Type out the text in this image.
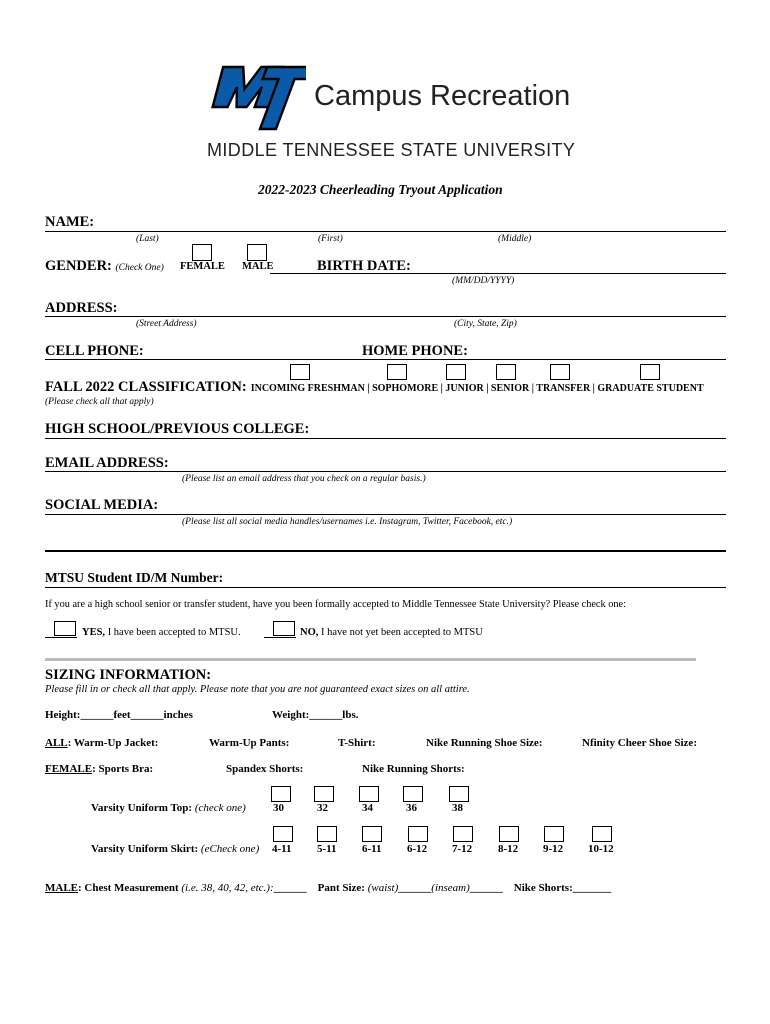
Campus Recreation
MIDDLE TENNESSEE STATE UNIVERSITY
2022-2023 Cheerleading Tryout Application
NAME:
(Last)	(First)	(Middle)
GENDER: (Check One) FEMALE MALE	BIRTH DATE:
(MM/DD/YYYY)
ADDRESS:
(Street Address)	(City, State, Zip)
CELL PHONE:	HOME PHONE:
FALL 2022 CLASSIFICATION: INCOMING FRESHMAN | SOPHOMORE | JUNIOR | SENIOR | TRANSFER | GRADUATE STUDENT
(Please check all that apply)
HIGH SCHOOL/PREVIOUS COLLEGE:
EMAIL ADDRESS:
(Please list an email address that you check on a regular basis.)
SOCIAL MEDIA:
(Please list all social media handles/usernames i.e. Instagram, Twitter, Facebook, etc.)
MTSU Student ID/M Number:
If you are a high school senior or transfer student, have you been formally accepted to Middle Tennessee State University? Please check one:
YES, I have been accepted to MTSU.	NO, I have not yet been accepted to MTSU
SIZING INFORMATION:
Please fill in or check all that apply. Please note that you are not guaranteed exact sizes on all attire.
Height:______feet______inches	Weight:______lbs.
ALL: Warm-Up Jacket:	Warm-Up Pants:	T-Shirt:	Nike Running Shoe Size:	Nfinity Cheer Shoe Size:
FEMALE: Sports Bra:	Spandex Shorts:	Nike Running Shorts:
Varsity Uniform Top: (check one) 30	32	34	36	38
Varsity Uniform Skirt: (eCheck one) 4-11 5-11 6-11 6-12 7-12 8-12 9-12 10-12
MALE: Chest Measurement (i.e. 38, 40, 42, etc.):______ Pant Size: (waist)______(inseam)______ Nike Shorts:_______
